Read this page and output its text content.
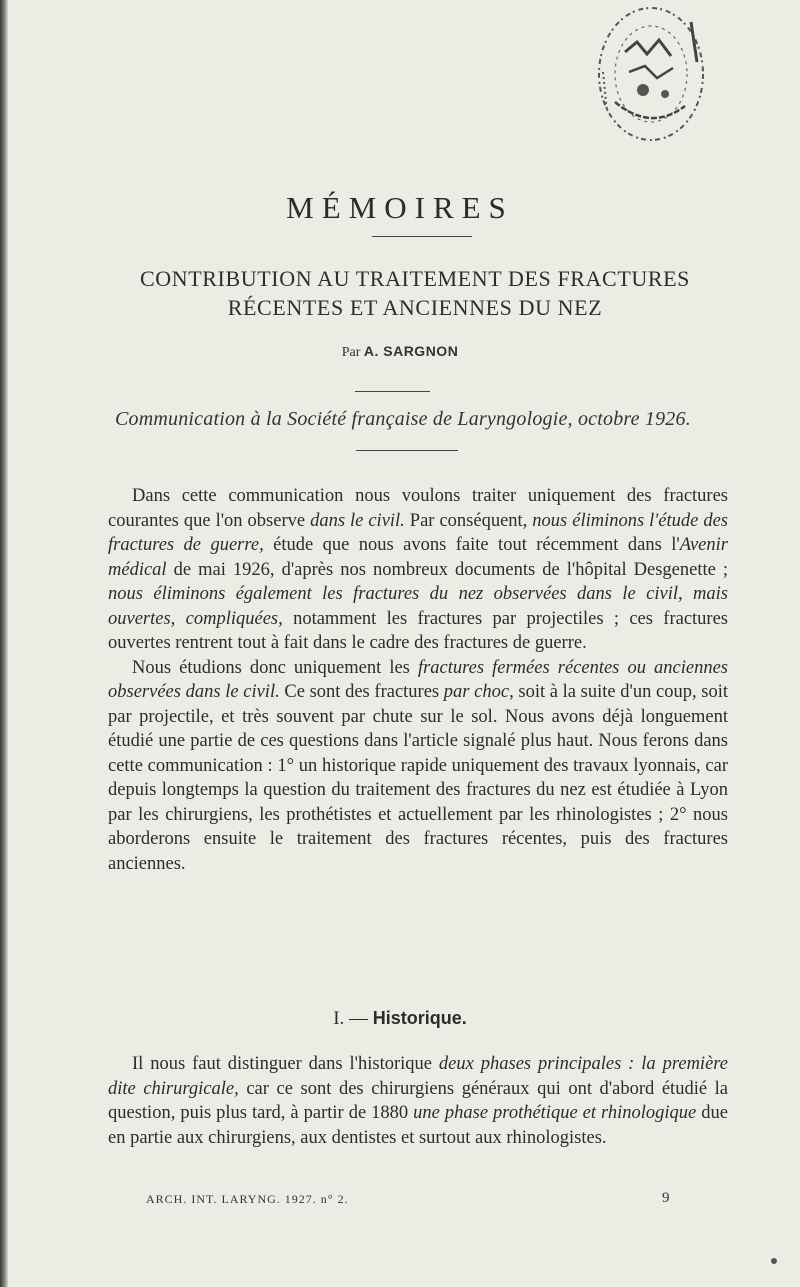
MÉMOIRES
CONTRIBUTION AU TRAITEMENT DES FRACTURES
RÉCENTES ET ANCIENNES DU NEZ
Par A. SARGNON
Communication à la Société française de Laryngologie, octobre 1926.

Dans cette communication nous voulons traiter uniquement des fractures courantes que l'on observe dans le civil. Par conséquent, nous éliminons l'étude des fractures de guerre, étude que nous avons faite tout récemment dans l'Avenir médical de mai 1926, d'après nos nombreux documents de l'hôpital Desgenette ; nous éliminons également les fractures du nez observées dans le civil, mais ouvertes, compliquées, notamment les fractures par projectiles ; ces fractures ouvertes rentrent tout à fait dans le cadre des fractures de guerre.

Nous étudions donc uniquement les fractures fermées récentes ou anciennes observées dans le civil. Ce sont des fractures par choc, soit à la suite d'un coup, soit par projectile, et très souvent par chute sur le sol. Nous avons déjà longuement étudié une partie de ces questions dans l'article signalé plus haut. Nous ferons dans cette communication : 1° un historique rapide uniquement des travaux lyonnais, car depuis longtemps la question du traitement des fractures du nez est étudiée à Lyon par les chirurgiens, les prothétistes et actuellement par les rhinologistes ; 2° nous aborderons ensuite le traitement des fractures récentes, puis des fractures anciennes.

I. — Historique.

Il nous faut distinguer dans l'historique deux phases principales : la première dite chirurgicale, car ce sont des chirurgiens généraux qui ont d'abord étudié la question, puis plus tard, à partir de 1880 une phase prothétique et rhinologique due en partie aux chirurgiens, aux dentistes et surtout aux rhinologistes.

ARCH. INT. LARYNG. 1927. n° 2.	9
